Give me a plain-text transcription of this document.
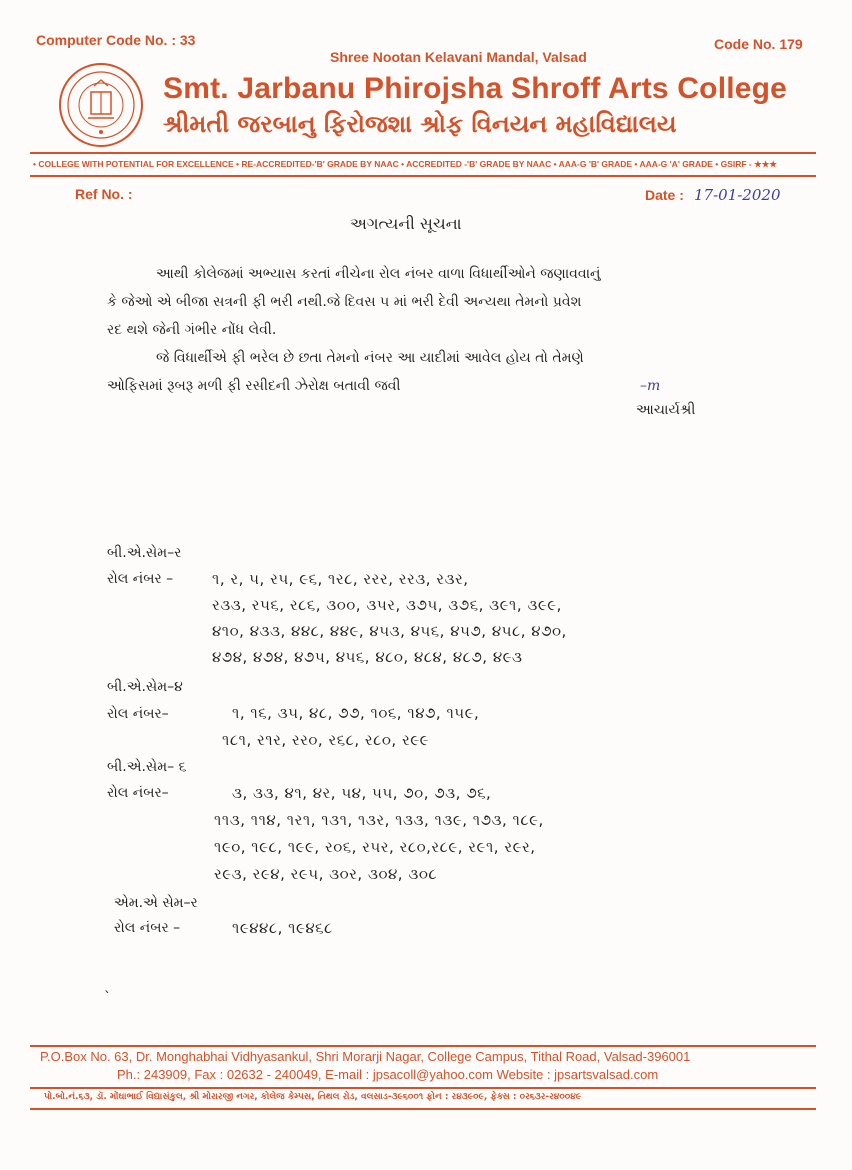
Computer Code No. : 33	Code No. 179
Shree Nootan Kelavani Mandal, Valsad
Smt. Jarbanu Phirojsha Shroff Arts College
શ્રીમતી જરબાનુ ફિરોજશા શ્રોફ વિનયન મહાવિદ્યાલય
• COLLEGE WITH POTENTIAL FOR EXCELLENCE • RE-ACCREDITED-'B' GRADE BY NAAC • ACCREDITED -'B' GRADE BY NAAC • AAA-G 'B' GRADE • AAA-G 'A' GRADE • GSIRF - ★★★
Ref No. :	Date : 17-01-2020
અગત્યની સૂચના
આથી કોલેજમાં અભ્યાસ કરતાં નીચેના રોલ નંબર વાળા વિધાર્થીઓને જણાવવાનું
કે જેઓ એ બીજા સત્રની ફી ભરી નથી.જે દિવસ ૫ માં ભરી દેવી અન્યથા તેમનો પ્રવેશ
રદ થશે જેની ગંભીર નોંધ લેવી.
જે વિધાર્થીએ ફી ભરેલ છે છતા તેમનો નંબર આ યાદીમાં આવેલ હોય તો તેમણે
ઓફિસમાં રૂબરૂ મળી ફી રસીદની ઝેરોક્ષ બતાવી જવી	–m
આચાર્યશ્રી
બી.એ.સેમ–ર
રોલ નંબર –	૧, ર, ૫, ર૫, ૯૬, ૧ર૮, રરર, રર૩, ર૩ર,
ર૩૩, ર૫૬, ર૮૬, ૩૦૦, ૩૫ર, ૩૭૫, ૩૭૬, ૩૯૧, ૩૯૯,
૪૧૦, ૪૩૩, ૪૪૮, ૪૪૯, ૪૫૩, ૪૫૬, ૪૫૭, ૪૫૮, ૪૭૦,
૪૭૪, ૪૭૪, ૪૭૫, ૪૫૬, ૪૮૦, ૪૮૪, ૪૮૭, ૪૯૩
બી.એ.સેમ–૪
રોલ નંબર–	૧, ૧૬, ૩૫, ૪૮, ૭૭, ૧૦૬, ૧૪૭, ૧૫૯,
૧૮૧, ર૧ર, રર૦, ર૬૮, ર૮૦, ર૯૯
બી.એ.સેમ– ૬
રોલ નંબર–	૩, ૩૩, ૪૧, ૪ર, ૫૪, ૫૫, ૭૦, ૭૩, ૭૬,
૧૧૩, ૧૧૪, ૧ર૧, ૧૩૧, ૧૩ર, ૧૩૩, ૧૩૯, ૧૭૩, ૧૮૯,
૧૯૦, ૧૯૮, ૧૯૯, ર૦૬, ર૫ર, ર૮૦,ર૮૯, ર૯૧, ર૯ર,
ર૯૩, ર૯૪, ર૯૫, ૩૦ર, ૩૦૪, ૩૦૮
એમ.એ સેમ–ર
રોલ નંબર –	૧૯૪૪૮, ૧૯૪૬૮
`
P.O.Box No. 63, Dr. Monghabhai Vidhyasankul, Shri Morarji Nagar, College Campus, Tithal Road, Valsad-396001
Ph.: 243909, Fax : 02632 - 240049, E-mail : jpsacoll@yahoo.com Website : jpsartsvalsad.com
પો.બો.નં.૬૩, ડૉ. મોંઘાભાઈ વિદ્યાસંકુલ, શ્રી મોરારજી નગર, કોલેજ કેમ્પસ, તિથલ રોડ, વલસાડ-૩૯૬૦૦૧ ફોન : ર૪૩૯૦૯, ફેક્સ : ૦ર૬૩ર-ર૪૦૦૪૯
